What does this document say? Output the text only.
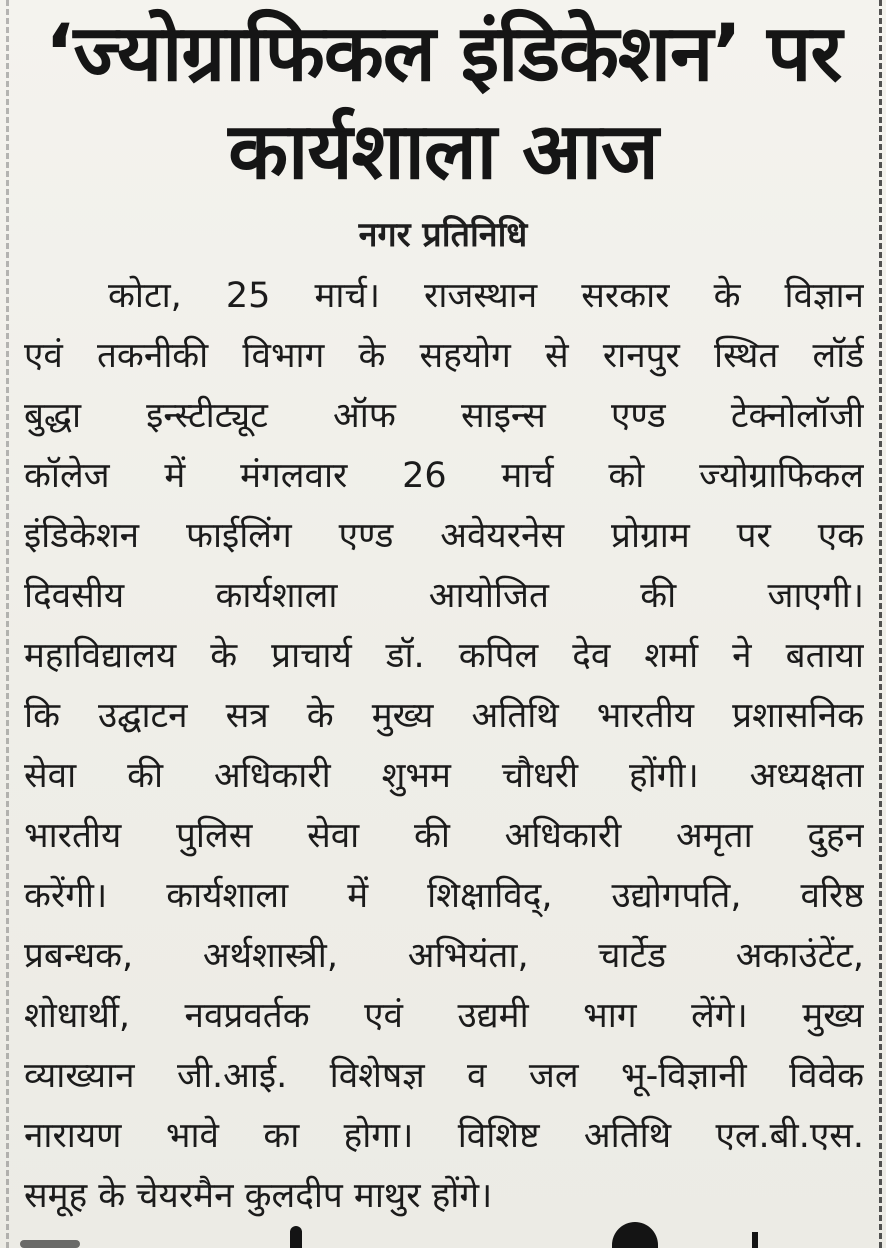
‘ज्योग्राफिकल इंडिकेशन’ पर
कार्यशाला आज
नगर प्रतिनिधि
कोटा, 25 मार्च। राजस्थान सरकार के विज्ञान
एवं तकनीकी विभाग के सहयोग से रानपुर स्थित लॉर्ड
बुद्धा इन्स्टीट्यूट ऑफ साइन्स एण्ड टेक्नोलॉजी
कॉलेज में मंगलवार 26 मार्च को ज्योग्राफिकल
इंडिकेशन फाईलिंग एण्ड अवेयरनेस प्रोग्राम पर एक
दिवसीय कार्यशाला आयोजित की जाएगी।
महाविद्यालय के प्राचार्य डॉ. कपिल देव शर्मा ने बताया
कि उद्घाटन सत्र के मुख्य अतिथि भारतीय प्रशासनिक
सेवा की अधिकारी शुभम चौधरी होंगी। अध्यक्षता
भारतीय पुलिस सेवा की अधिकारी अमृता दुहन
करेंगी। कार्यशाला में शिक्षाविद्, उद्योगपति, वरिष्ठ
प्रबन्धक, अर्थशास्त्री, अभियंता, चार्टेड अकाउंटेंट,
शोधार्थी, नवप्रवर्तक एवं उद्यमी भाग लेंगे। मुख्य
व्याख्यान जी.आई. विशेषज्ञ व जल भू-विज्ञानी विवेक
नारायण भावे का होगा। विशिष्ट अतिथि एल.बी.एस.
समूह के चेयरमैन कुलदीप माथुर होंगे।
